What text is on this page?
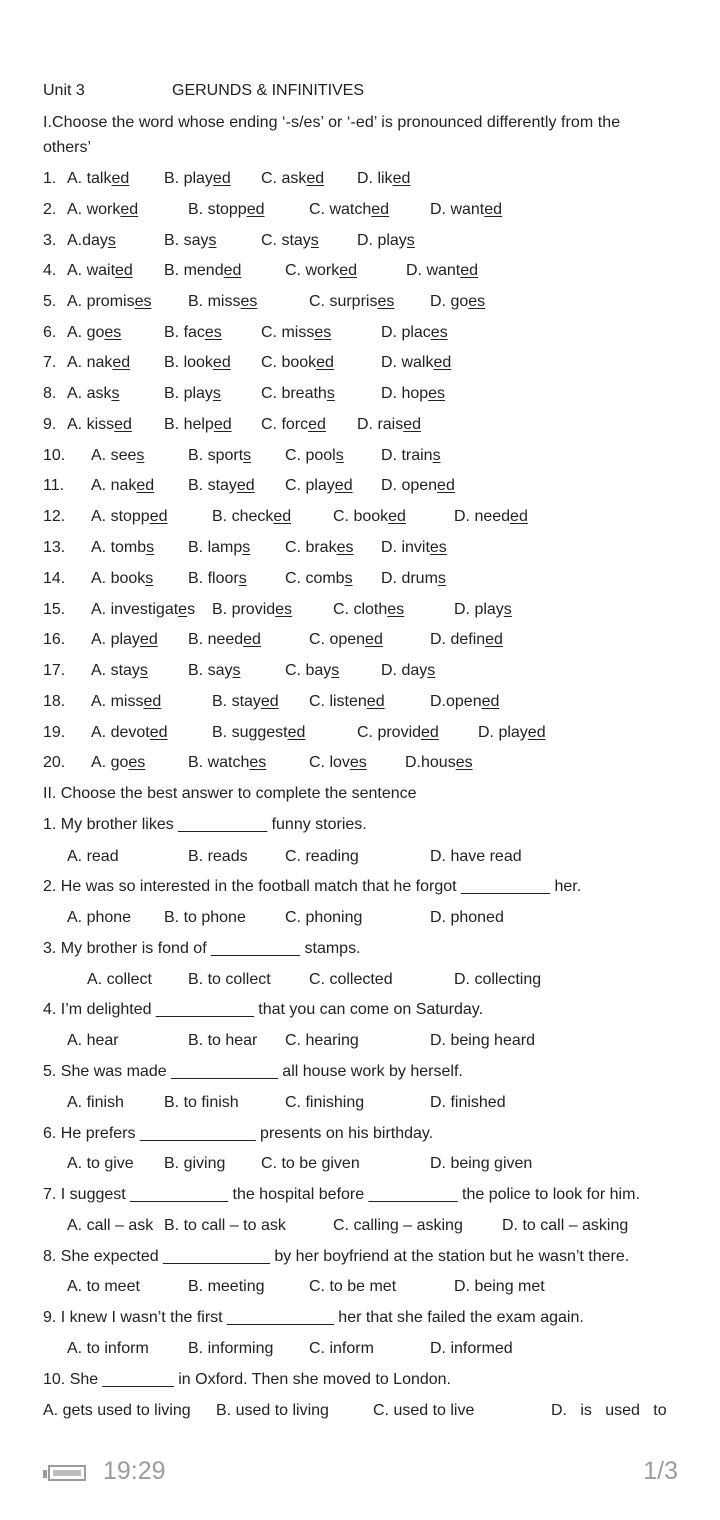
Unit 3	GERUNDS & INFINITIVES
I.Choose the word whose ending ‘-s/es’ or ‘-ed’ is pronounced differently from the
others’
1. A. talked B. played C. asked D. liked
2. A. worked	B. stopped	C. watched	D. wanted
3. A.days	B. says	C. stays D. plays
4. A. waited B. mended	C. worked	D. wanted
5. A. promises B. misses	C. surprises D. goes
6. A. goes	B. faces C. misses	D. places
7. A. naked B. looked C. booked	D. walked
8. A. asks	B. plays	C. breaths	D. hopes
9. A. kissed B. helped C. forced D. raised
10. A. sees	B. sports C. pools D. trains
11. A. naked B. stayed C. played D. opened
12. A. stopped	B. checked	C. booked	D. needed
13. A. tombs B. lamps C. brakes D. invites
14. A. books B. floors C. combs D. drums
15. A. investigates B. provides	C. clothes	D. plays
16. A. played B. needed	C. opened	D. defined
17. A. stays	B. says	C. bays	D. days
18. A. missed	B. stayed C. listened	D.opened
19. A. devoted	B. suggested	C. provided D. played
20. A. goes	B. watches	C. loves D.houses
II. Choose the best answer to complete the sentence
1. My brother likes __________ funny stories.
A. read	B. reads C. reading	D. have read
2. He was so interested in the football match that he forgot __________ her.
A. phone B. to phone C. phoning	D. phoned
3. My brother is fond of __________ stamps.
A. collect B. to collect C. collected	D. collecting
4. I’m delighted ___________ that you can come on Saturday.
A. hear	B. to hear C. hearing	D. being heard
5. She was made ____________ all house work by herself.
A. finish	B. to finish	C. finishing	D. finished
6. He prefers _____________ presents on his birthday.
A. to give B. giving C. to be given	D. being given
7. I suggest ___________ the hospital before __________ the police to look for him.
A. call – ask B. to call – to ask	C. calling – asking D. to call – asking
8. She expected ____________ by her boyfriend at the station but he wasn’t there.
A. to meet	B. meeting	C. to be met	D. being met
9. I knew I wasn’t the first ____________ her that she failed the exam again.
A. to inform B. informing C. inform	D. informed
10. She ________ in Oxford. Then she moved to London.
A. gets used to living B. used to living	C. used to live	D.   is   used   to
19:29	1/3
